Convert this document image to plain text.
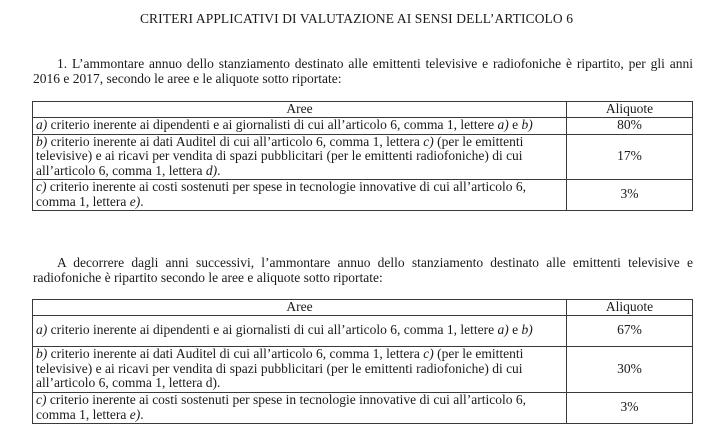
CRITERI APPLICATIVI DI VALUTAZIONE AI SENSI DELL’ARTICOLO 6
1. L’ammontare annuo dello stanziamento destinato alle emittenti televisive e radiofoniche è ripartito, per gli anni 2016 e 2017, secondo le aree e le aliquote sotto riportate:
Aree	Aliquote
a) criterio inerente ai dipendenti e ai giornalisti di cui all’articolo 6, comma 1, lettere a) e b)	80%
b) criterio inerente ai dati Auditel di cui all’articolo 6, comma 1, lettera c) (per le emittenti televisive) e ai ricavi per vendita di spazi pubblicitari (per le emittenti radiofoniche) di cui all’articolo 6, comma 1, lettera d).	17%
c) criterio inerente ai costi sostenuti per spese in tecnologie innovative di cui all’articolo 6, comma 1, lettera e).	3%
A decorrere dagli anni successivi, l’ammontare annuo dello stanziamento destinato alle emittenti televisive e radiofoniche è ripartito secondo le aree e aliquote sotto riportate:
Aree	Aliquote
a) criterio inerente ai dipendenti e ai giornalisti di cui all’articolo 6, comma 1, lettere a) e b)	67%
b) criterio inerente ai dati Auditel di cui all’articolo 6, comma 1, lettera c) (per le emittenti televisive) e ai ricavi per vendita di spazi pubblicitari (per le emittenti radiofoniche) di cui all’articolo 6, comma 1, lettera d).	30%
c) criterio inerente ai costi sostenuti per spese in tecnologie innovative di cui all’articolo 6, comma 1, lettera e).	3%
